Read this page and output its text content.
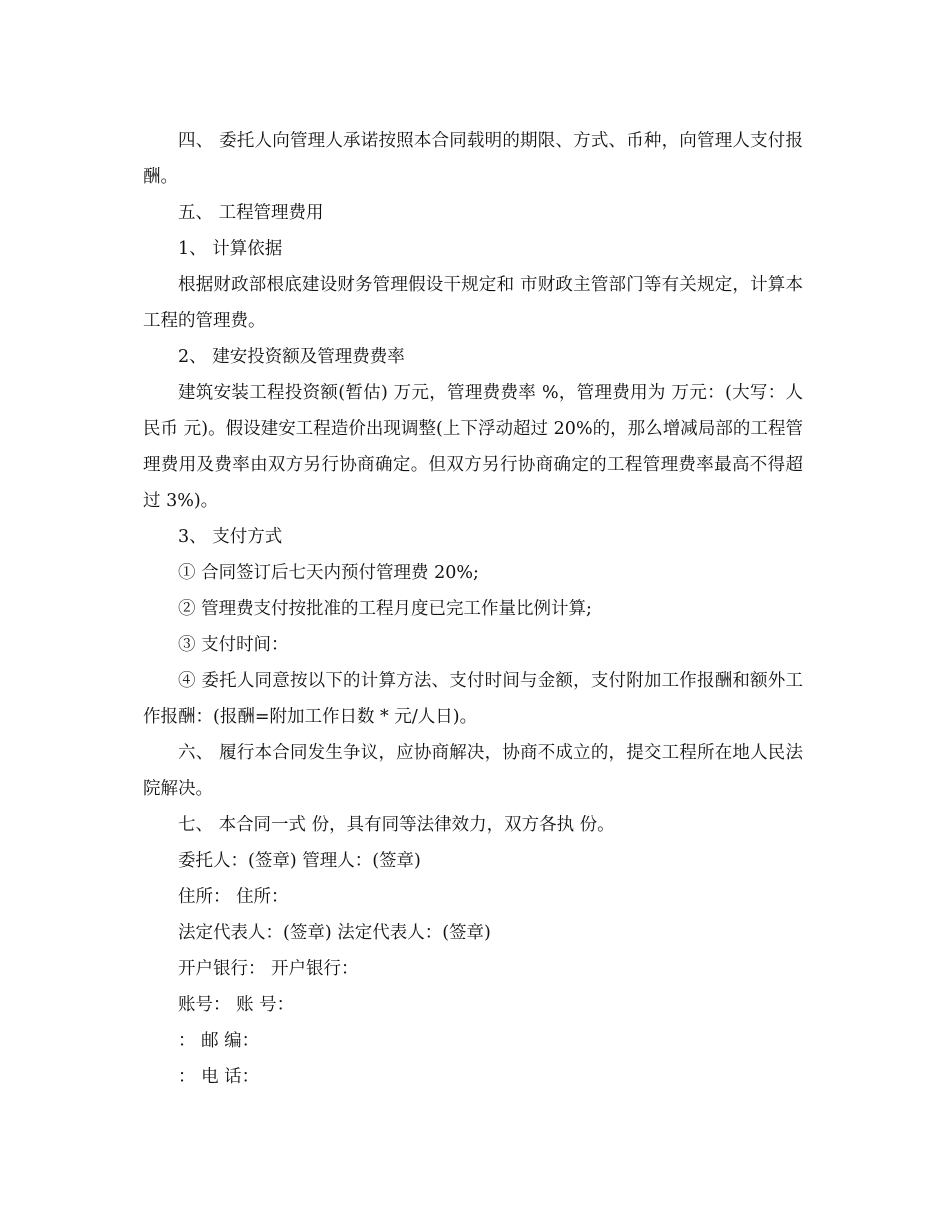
四、 委托人向管理人承诺按照本合同载明的期限、方式、币种，向管理人支付报酬。

五、 工程管理费用

1、 计算依据

根据财政部根底建设财务管理假设干规定和 市财政主管部门等有关规定，计算本工程的管理费。

2、 建安投资额及管理费费率

建筑安装工程投资额(暂估) 万元，管理费费率 %，管理费用为 万元：(大写：人民币 元)。假设建安工程造价出现调整(上下浮动超过 20%的，那么增减局部的工程管理费用及费率由双方另行协商确定。但双方另行协商确定的工程管理费率最高不得超过 3%)。

3、 支付方式

① 合同签订后七天内预付管理费 20%;

② 管理费支付按批准的工程月度已完工作量比例计算;

③ 支付时间：

④ 委托人同意按以下的计算方法、支付时间与金额，支付附加工作报酬和额外工作报酬：(报酬=附加工作日数 * 元/人日)。

六、 履行本合同发生争议，应协商解决，协商不成立的，提交工程所在地人民法院解决。

七、 本合同一式 份，具有同等法律效力，双方各执 份。

委托人：(签章) 管理人：(签章)

住所： 住所：

法定代表人：(签章) 法定代表人：(签章)

开户银行： 开户银行：

账号： 账 号：

： 邮 编：

： 电 话：
